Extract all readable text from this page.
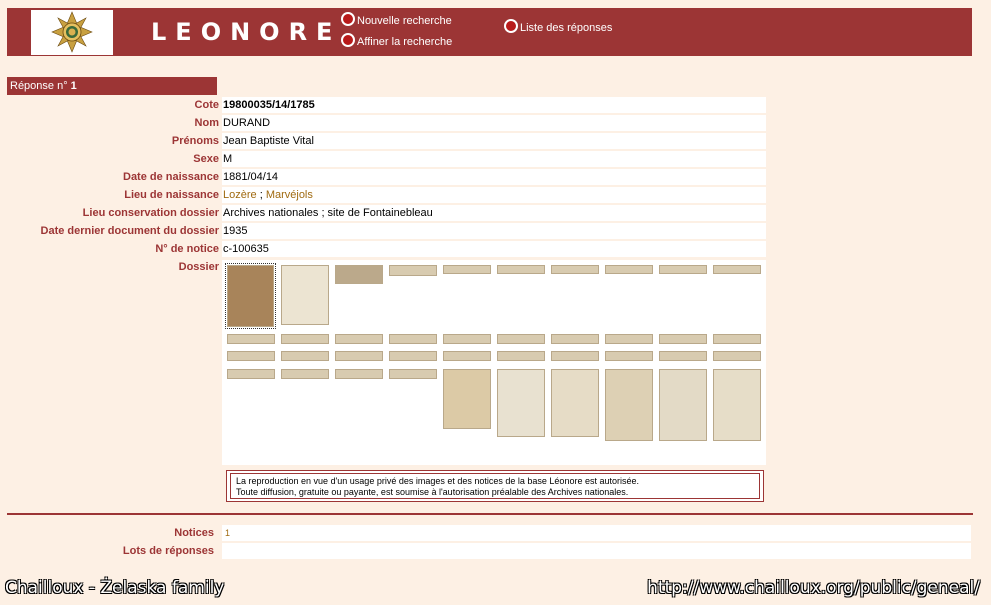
LEONORE	Nouvelle recherche
Affiner la recherche
Liste des réponses
Réponse n° 1
Cote 19800035/14/1785
Nom DURAND
Prénoms Jean Baptiste Vital
Sexe M
Date de naissance 1881/04/14
Lieu de naissance Lozère ; Marvéjols
Lieu conservation dossier Archives nationales ; site de Fontainebleau
Date dernier document du dossier 1935
N° de notice c-100635
Dossier
La reproduction en vue d'un usage privé des images et des notices de la base Léonore est autorisée.
Toute diffusion, gratuite ou payante, est soumise à l'autorisation préalable des Archives nationales.
Notices	1
Lots de réponses
Chailloux - Żelaska family	http://www.chailloux.org/public/geneal/
